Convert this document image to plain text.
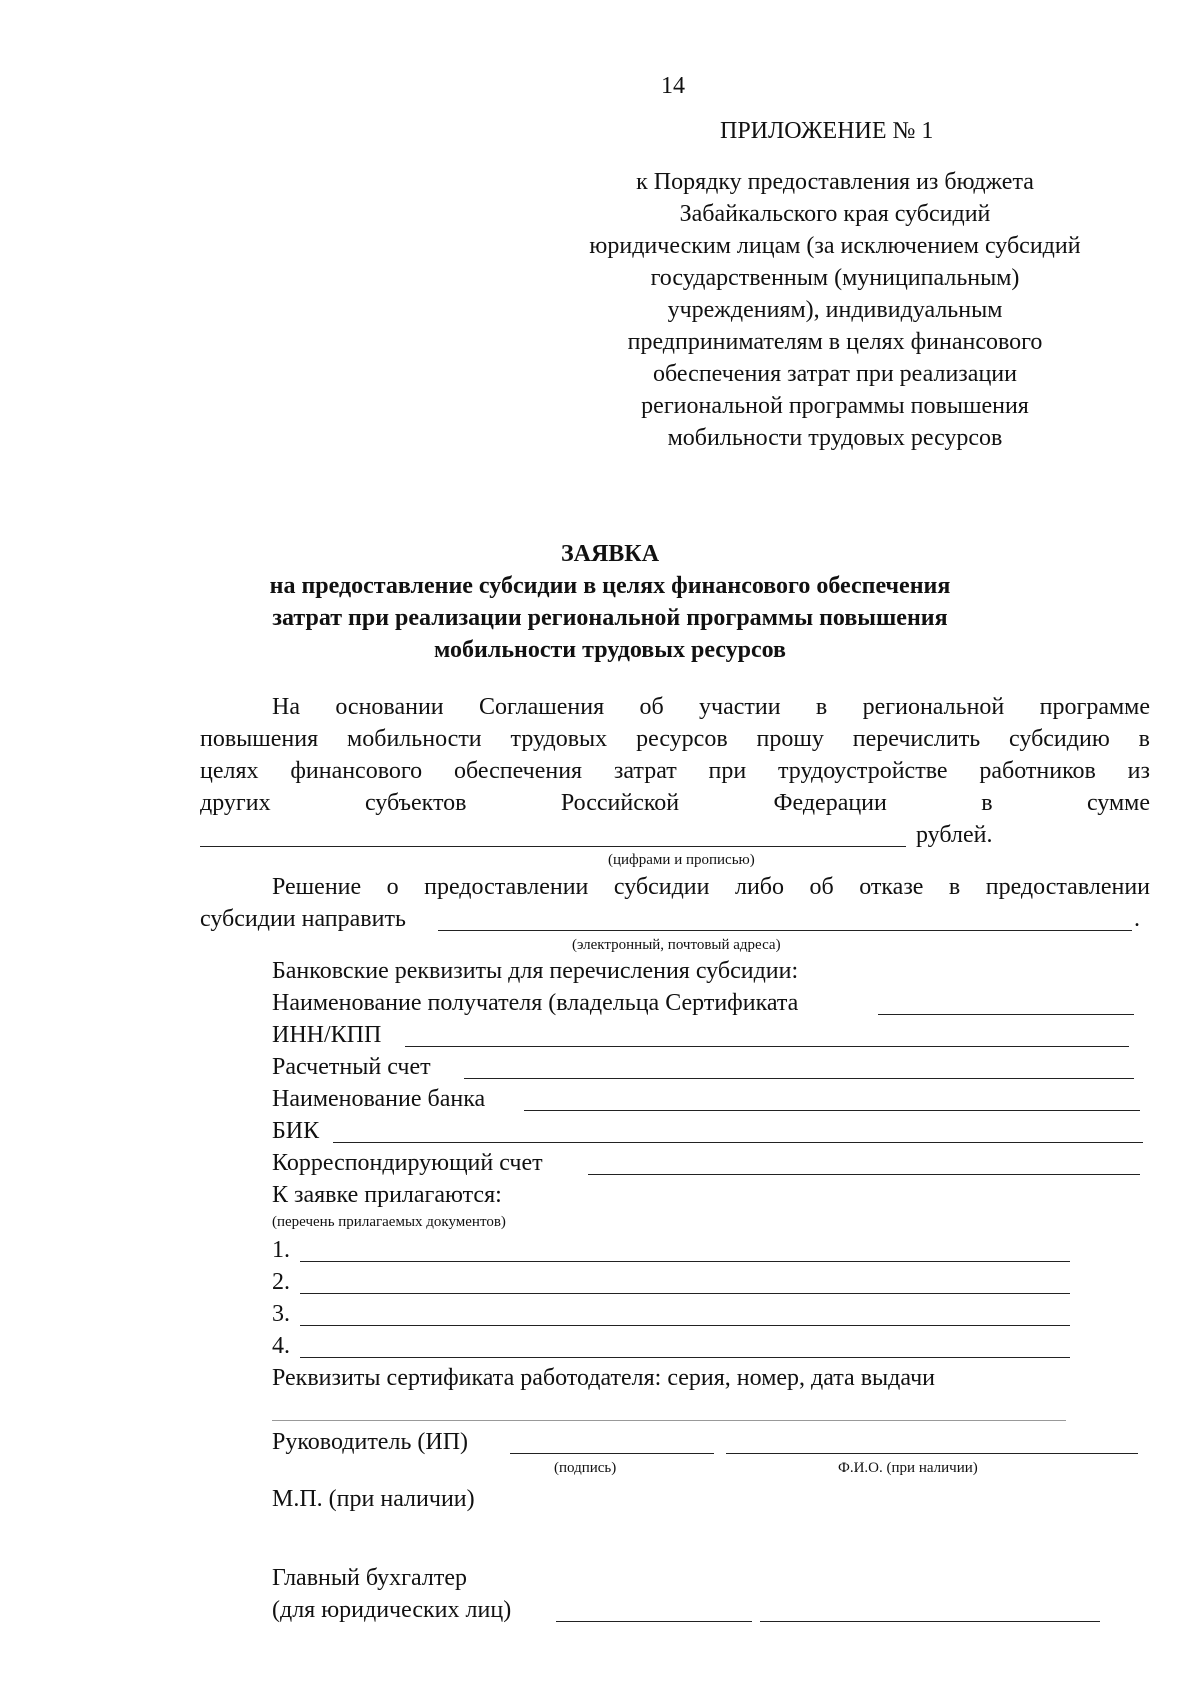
14
ПРИЛОЖЕНИЕ № 1
к Порядку предоставления из бюджета
Забайкальского края субсидий
юридическим лицам (за исключением субсидий
государственным (муниципальным)
учреждениям), индивидуальным
предпринимателям в целях финансового
обеспечения затрат при реализации
региональной программы повышения
мобильности трудовых ресурсов
ЗАЯВКА
на предоставление субсидии в целях финансового обеспечения
затрат при реализации региональной программы повышения
мобильности трудовых ресурсов
На основании Соглашения об участии в региональной программе
повышения мобильности трудовых ресурсов прошу перечислить субсидию в
целях финансового обеспечения затрат при трудоустройстве работников из
других субъектов Российской Федерации в сумме
рублей.
(цифрами и прописью)
Решение о предоставлении субсидии либо об отказе в предоставлении
субсидии направить	.
(электронный, почтовый адреса)
Банковские реквизиты для перечисления субсидии:
Наименование получателя (владельца Сертификата
ИНН/КПП
Расчетный счет
Наименование банка
БИК
Корреспондирующий счет
К заявке прилагаются:
(перечень прилагаемых документов)
1.
2.
3.
4.
Реквизиты сертификата работодателя: серия, номер, дата выдачи
Руководитель (ИП)
(подпись)	Ф.И.О. (при наличии)
М.П. (при наличии)
Главный бухгалтер
(для юридических лиц)
